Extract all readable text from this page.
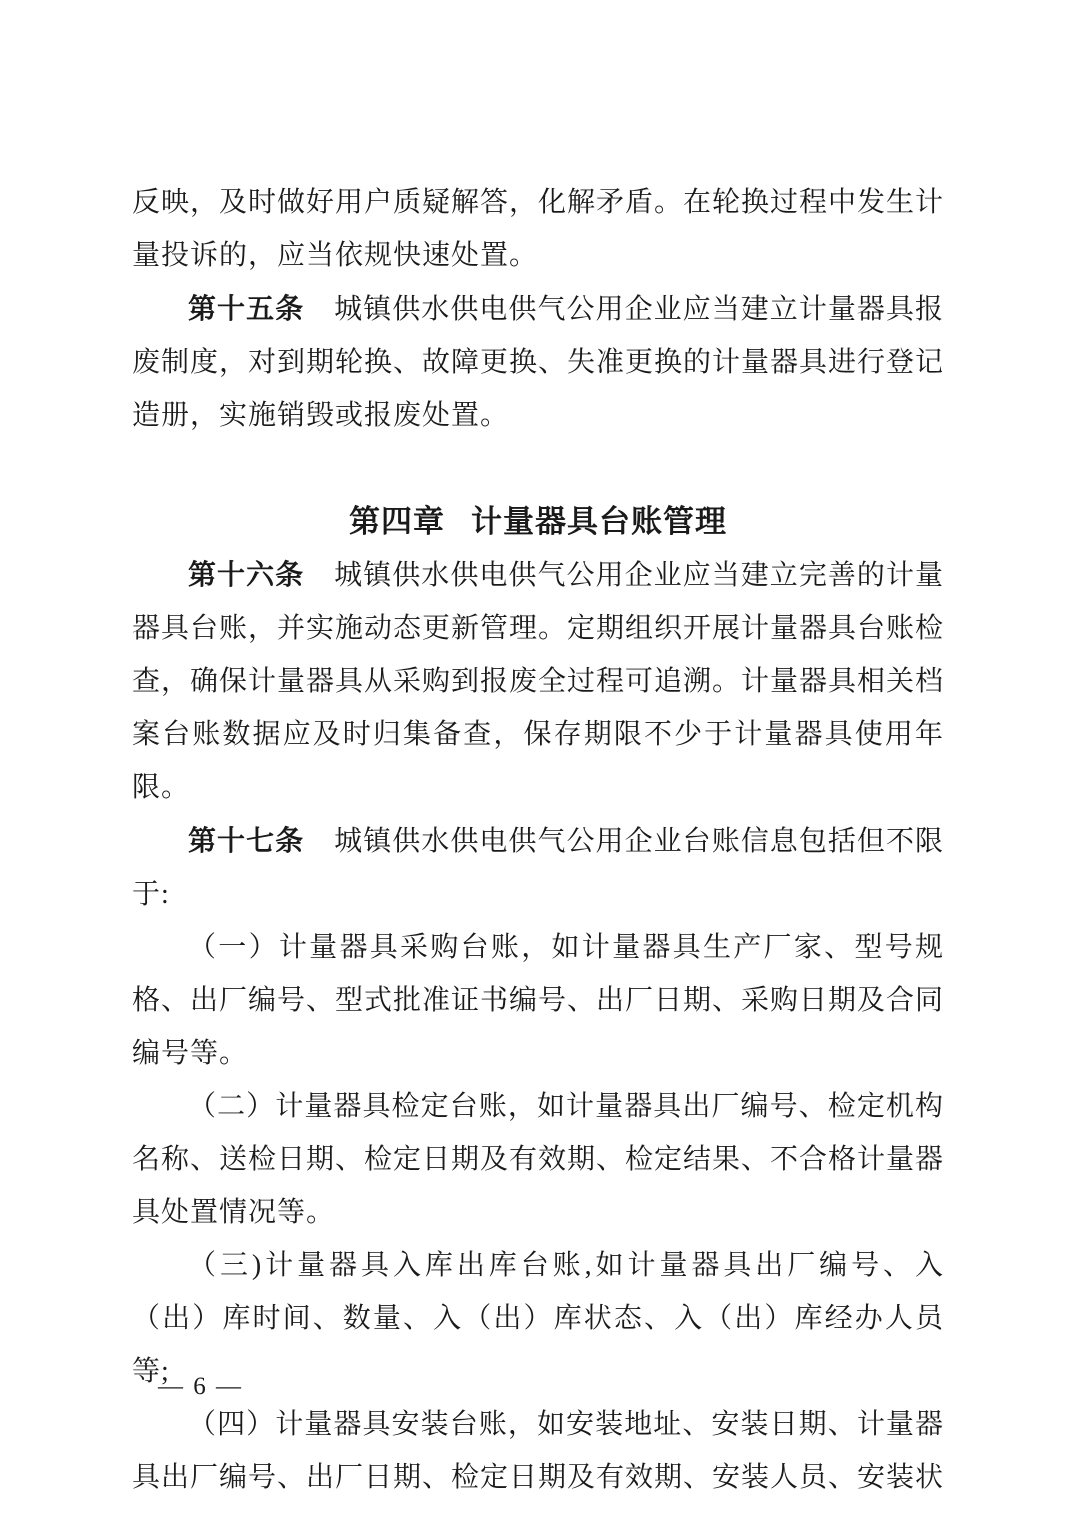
反映，及时做好用户质疑解答，化解矛盾。在轮换过程中发生计量投诉的，应当依规快速处置。

第十五条 城镇供水供电供气公用企业应当建立计量器具报废制度，对到期轮换、故障更换、失准更换的计量器具进行登记造册，实施销毁或报废处置。

第四章 计量器具台账管理

第十六条 城镇供水供电供气公用企业应当建立完善的计量器具台账，并实施动态更新管理。定期组织开展计量器具台账检查，确保计量器具从采购到报废全过程可追溯。计量器具相关档案台账数据应及时归集备查，保存期限不少于计量器具使用年限。

第十七条 城镇供水供电供气公用企业台账信息包括但不限于:

（一）计量器具采购台账，如计量器具生产厂家、型号规格、出厂编号、型式批准证书编号、出厂日期、采购日期及合同编号等。

（二）计量器具检定台账，如计量器具出厂编号、检定机构名称、送检日期、检定日期及有效期、检定结果、不合格计量器具处置情况等。

（三)计量器具入库出库台账,如计量器具出厂编号、入（出）库时间、数量、入（出）库状态、入（出）库经办人员等;

（四）计量器具安装台账，如安装地址、安装日期、计量器具出厂编号、出厂日期、检定日期及有效期、安装人员、安装状

— 6 —
